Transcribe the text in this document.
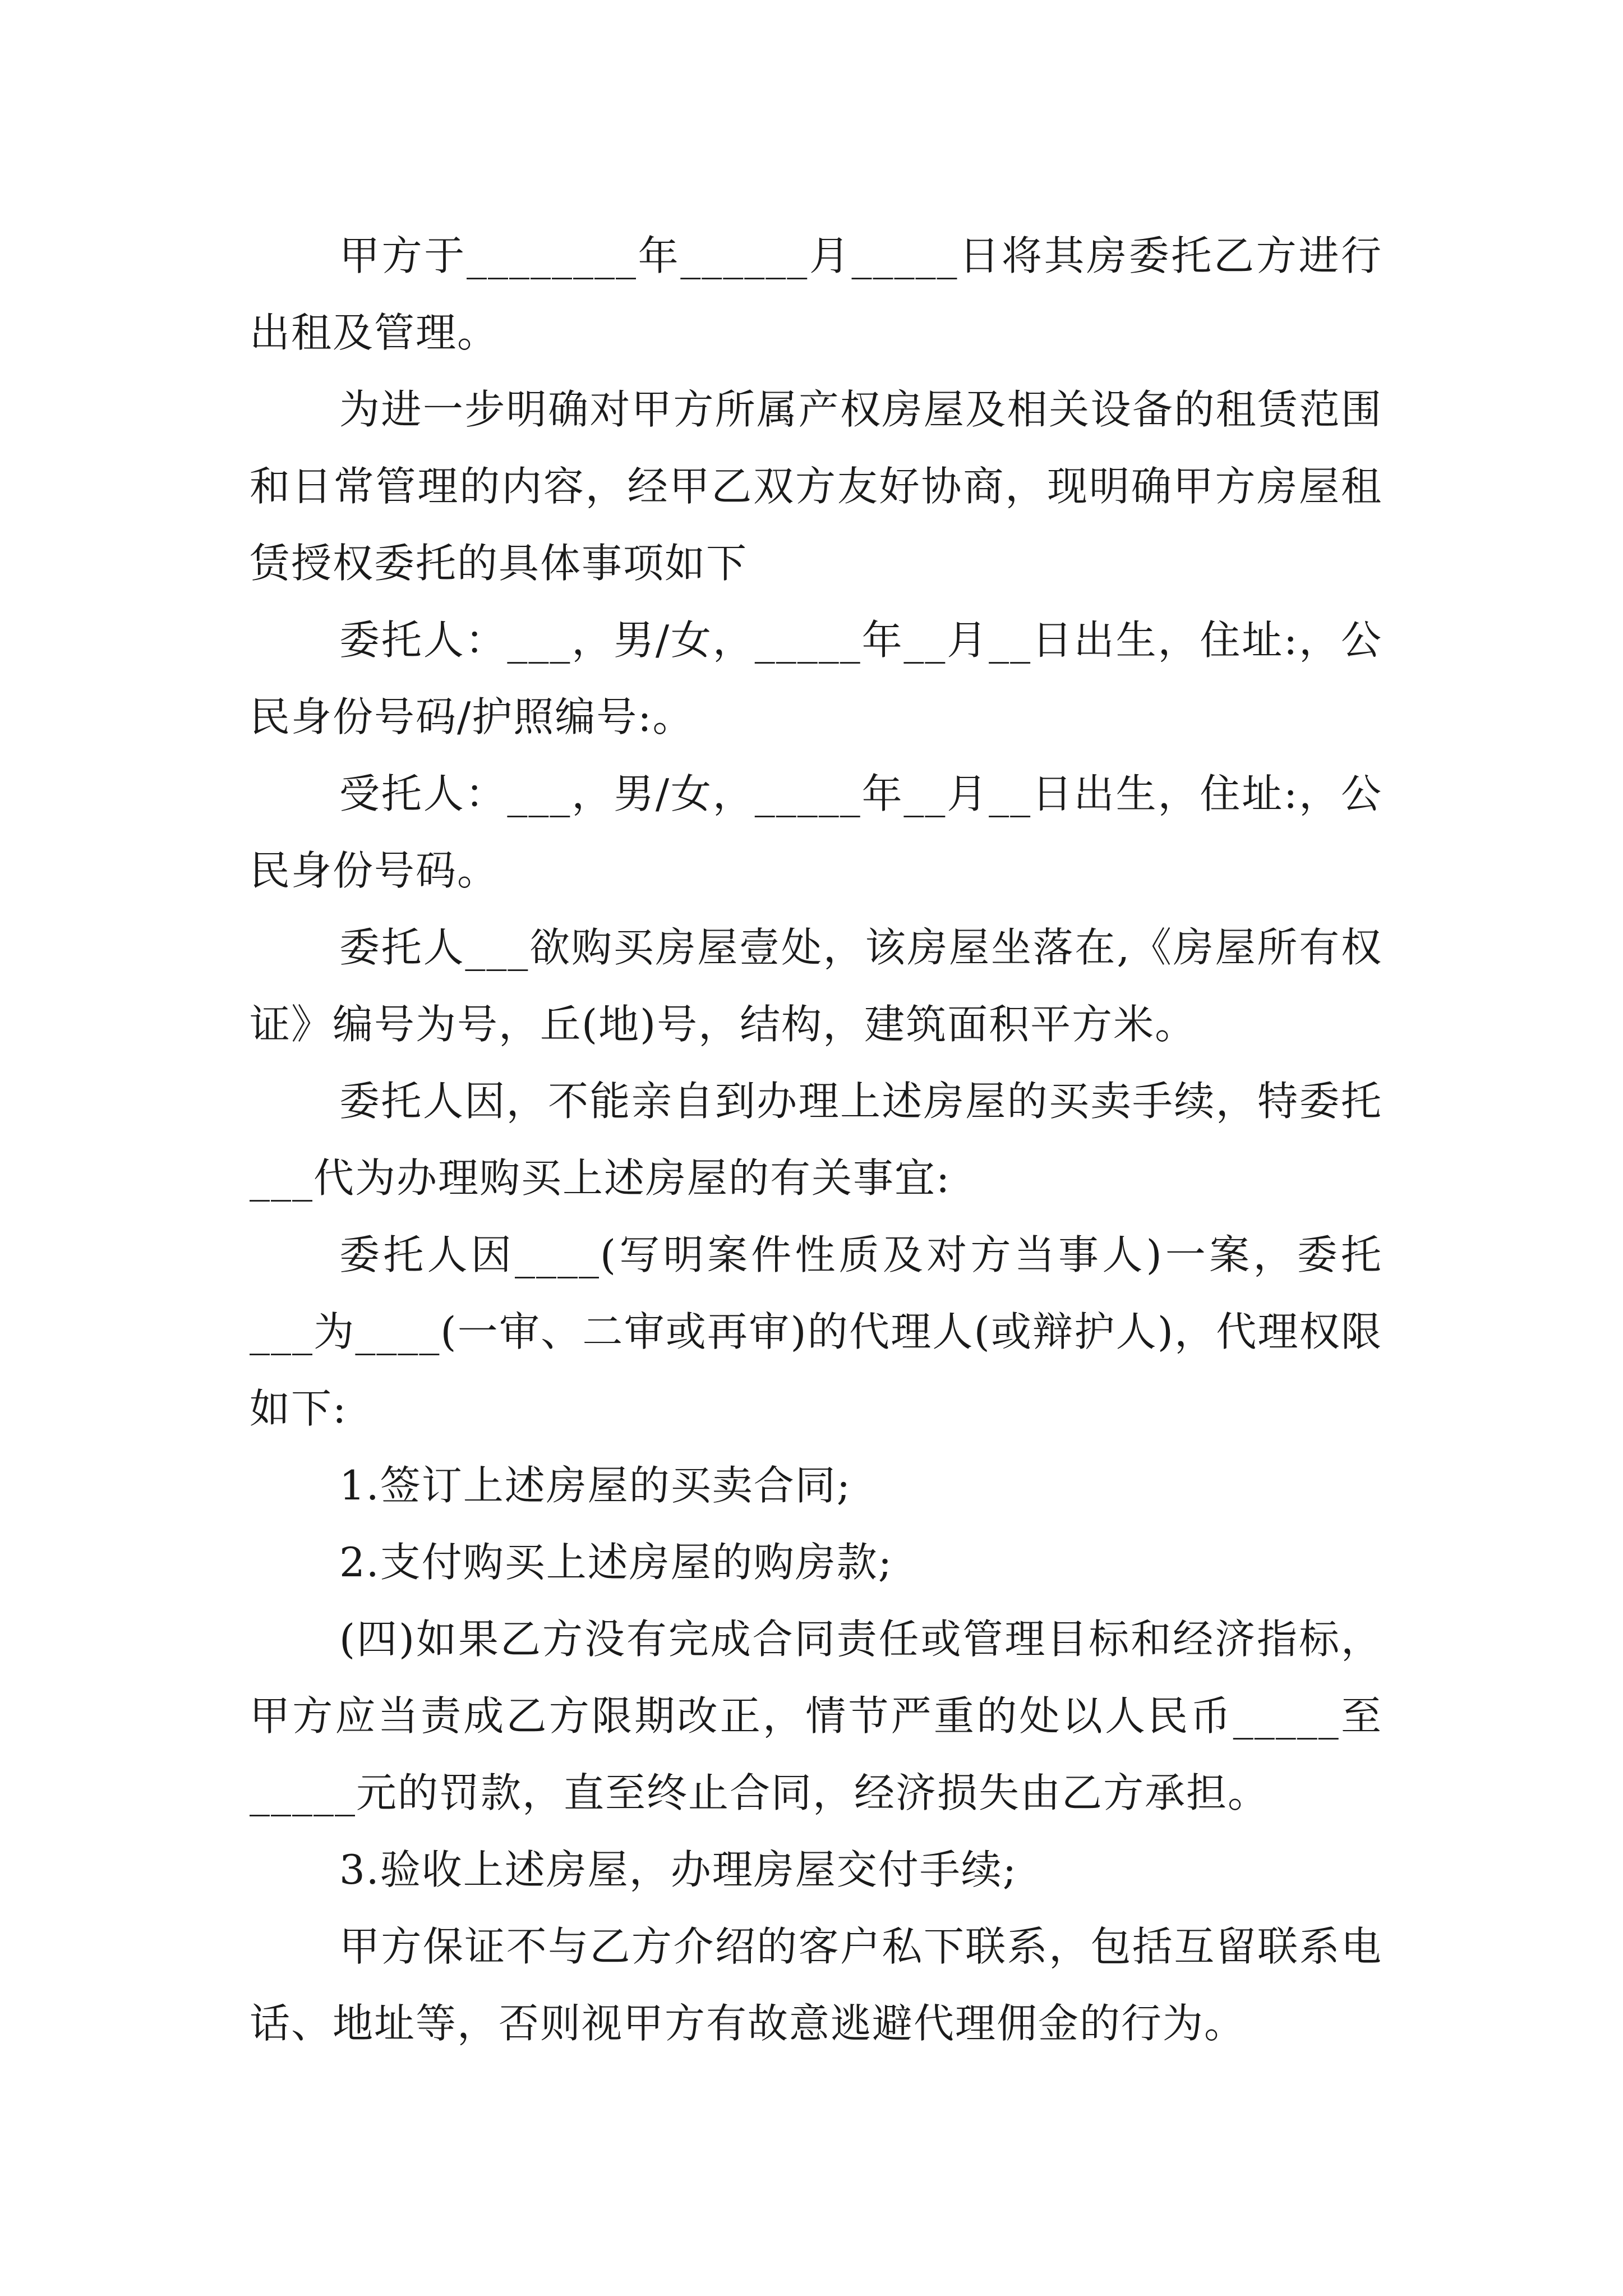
甲方于________年______月_____日将其房委托乙方进行出租及管理。

为进一步明确对甲方所属产权房屋及相关设备的租赁范围和日常管理的内容，经甲乙双方友好协商，现明确甲方房屋租赁授权委托的具体事项如下

委托人：___，男/女，_____年__月__日出生，住址:，公民身份号码/护照编号:。

受托人：___，男/女，_____年__月__日出生，住址:，公民身份号码。

委托人___欲购买房屋壹处，该房屋坐落在,《房屋所有权证》编号为号，丘(地)号，结构，建筑面积平方米。

委托人因，不能亲自到办理上述房屋的买卖手续，特委托___代为办理购买上述房屋的有关事宜:

委托人因____(写明案件性质及对方当事人)一案，委托___为____(一审、二审或再审)的代理人(或辩护人)，代理权限如下:

1.签订上述房屋的买卖合同;

2.支付购买上述房屋的购房款;

(四)如果乙方没有完成合同责任或管理目标和经济指标，甲方应当责成乙方限期改正，情节严重的处以人民币_____至_____元的罚款，直至终止合同，经济损失由乙方承担。

3.验收上述房屋，办理房屋交付手续;

甲方保证不与乙方介绍的客户私下联系，包括互留联系电话、地址等，否则视甲方有故意逃避代理佣金的行为。
